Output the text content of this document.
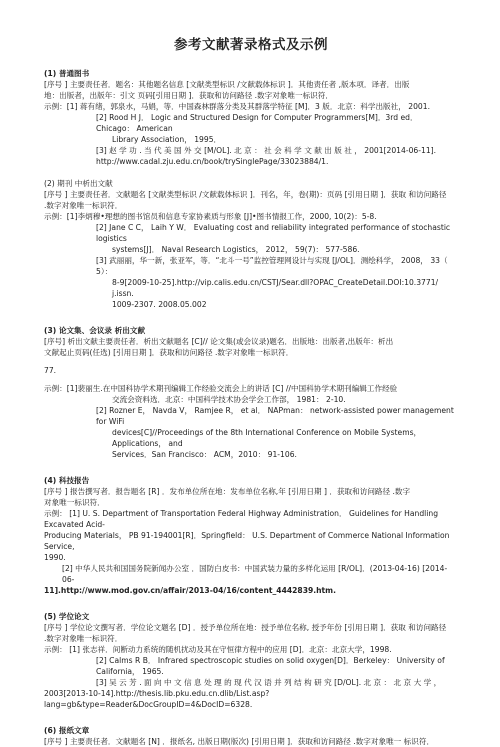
参考文献著录格式及示例
(1) 普通图书
[序号 ] 主要责任者．题名：其他题名信息 [文献类型标识 /文献载体标识 ]．其他责任者 ,版本项．译者．出版
地：出版者，出版年：引文 页码[引用日期 ]．获取和访问路径 .数字对象唯一标识符．
示例：[1] 蒋有绪，郭泉水，马娟，等．中国森林群落分类及其群落学特征 [M]．3 版．北京：科学出版社， 2001.
[2] Rood H J． Logic and Structured Design for Computer Programmers[M]．3rd ed． Chicago： American
Library Association， 1995．
[3] 赵 学 功 . 当 代 美 国 外 交 [M/OL]. 北 京 ： 社 会 科 学 文 献 出 版 社 ， 2001[2014-06-11].
http://www.cadal.zju.edu.cn/book/trySinglePage/33023884/1.
(2) 期刊 中析出文献
[序号 ] 主要责任者．文献题名 [文献类型标识 /文献载体标识 ]．刊名，年，卷(期)：页码 [引用日期 ]．获取 和访问路径
.数字对象唯一标识符．
示例：[1]李炳穆•理想的图书馆员和信息专家协素质与形象 [J]•图书情报工作，2000, 10(2)：5-8.
[2] Jane C C， Laih Y W． Evaluating cost and reliability integrated performance of stochastic logistics
systems[J]． Naval Research Logistics， 2012， 59(7)： 577-586.
[3] 武丽丽，华一新，张亚军，等．“北斗一号”监控管理网设计与实现 [J/OL]．测绘科学， 2008， 33（ 5）：
8-9[2009-10-25].http://vip.calis.edu.cn/CSTJ/Sear.dll?OPAC_CreateDetail.DOI:10.3771/ j.issn.
1009-2307. 2008.05.002
(3) 论文集、会议录 析出文献
[序号] 析出文献主要责任者．析出文献题名 [C]// 论文集(或会议录)题名．出版地：出版者,出版年：析出
文献起止页码(任选) [引用日期 ]．获取和访问路径 .数字对象唯一标识符．
77.
示例：[1]裴丽生.在中国科协学术期刊编辑工作经验交流会上的讲话 [C] //中国科协学术期刊编辑工作经验
交流会资料选．北京：中国科学技术协会学会工作部， 1981： 2-10.
[2] Rozner E， Navda V， Ramjee R， et al． NAPman： network-assisted power management for WiFi
devices[C]//Proceedings of the 8th International Conference on Mobile Systems， Applications， and
Services．San Francisco： ACM，2010： 91-106.
(4) 科技报告
[序号 ] 报告撰写者．报告题名 [R] ．发布单位所在地：发布单位名称,年 [引用日期 ] ．获取和访问路径 .数字
对象唯一标识符．
示例： [1] U. S. Department of Transportation Federal Highway Administration． Guidelines for Handling Excavated Acid-
Producing Materials， PB 91-194001[R]．Springfield： U.S. Department of Commerce National Information Service,
1990.
[2] 中华人民共和国国务院新闻办公室 ．国防白皮书：中国武装力量的多样化运用 [R/OL]．(2013-04-16) [2014-06-
11].http://www.mod.gov.cn/affair/2013-04/16/content_4442839.htm.
(5) 学位论文
[序号 ] 学位论文撰写者．学位论文题名 [D] ．授予单位所在地：授予单位名称, 授予年份 [引用日期 ]．获取 和访问路径
.数字对象唯一标识符．
示例： [1] 张志祥．间断动力系统的随机扰动及其在守恒律方程中的应用 [D]．北京：北京大学，1998.
[2] Calms R B． Infrared spectroscopic studies on solid oxygen[D]．Berkeley： University of California， 1965.
[3] 吴 云 芳 . 面 向 中 文 信 息 处 理 的 现 代 汉 语 并 列 结 构 研 究 [D/OL]. 北 京 ： 北 京 大 学 ，
2003[2013-10-14].http://thesis.lib.pku.edu.cn.dlib/List.asp?lang=gb&type=Reader&DocGroupID=4&DocID=6328.
(6) 报纸文章
[序号 ] 主要责任者．文献题名 [N] ．报纸名, 出版日期(版次) [引用日期 ]．获取和访问路径 .数字对象唯一 标识符．
